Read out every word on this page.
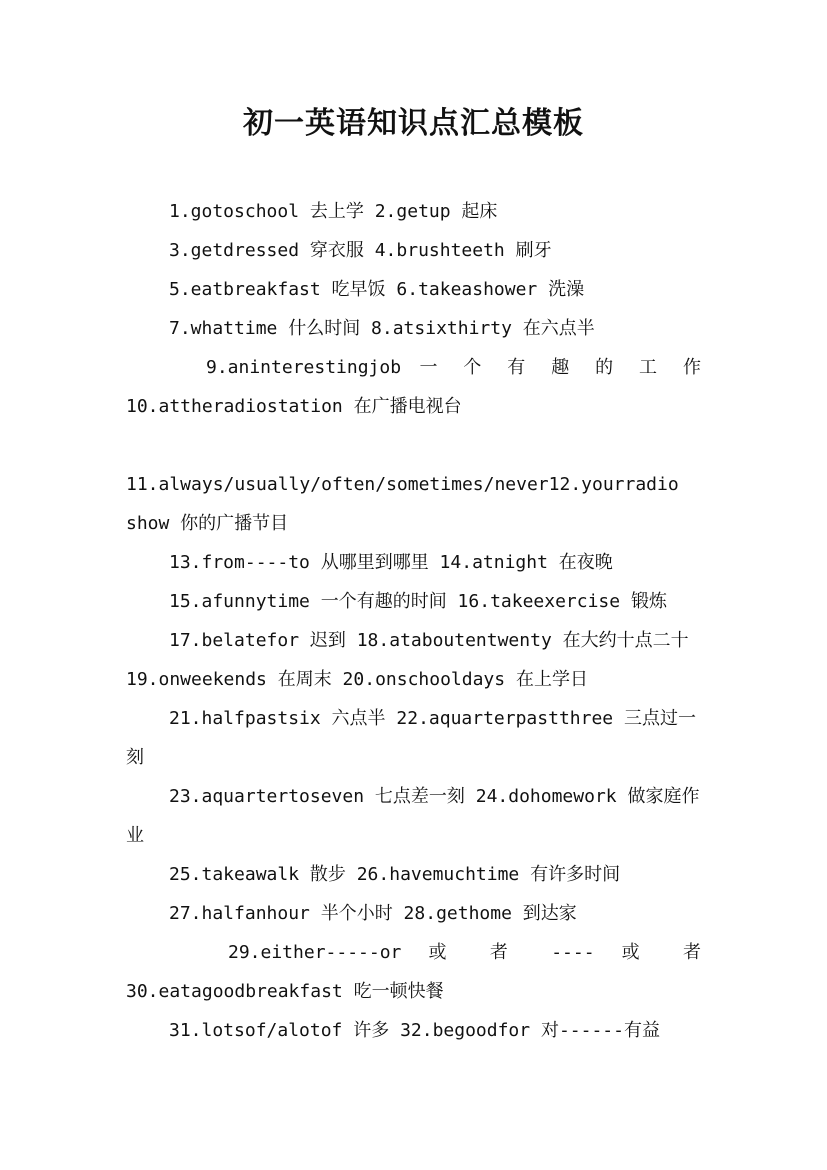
初一英语知识点汇总模板

1.gotoschool 去上学 2.getup 起床

3.getdressed 穿衣服 4.brushteeth 刷牙

5.eatbreakfast 吃早饭 6.takeashower 洗澡

7.whattime 什么时间 8.atsixthirty 在六点半

9.aninterestingjob 一 个 有 趣 的 工 作 10.attheradiostation 在广播电视台

11.always/usually/often/sometimes/never12.yourradio show 你的广播节目

13.from----to 从哪里到哪里 14.atnight 在夜晚

15.afunnytime 一个有趣的时间 16.takeexercise 锻炼

17.belatefor 迟到 18.ataboutentwenty 在大约十点二十 19.onweekends 在周末 20.onschooldays 在上学日

21.halfpastsix 六点半 22.aquarterpastthree 三点过一刻

23.aquartertoseven 七点差一刻 24.dohomework 做家庭作业

25.takeawalk 散步 26.havemuchtime 有许多时间

27.halfanhour 半个小时 28.gethome 到达家

29.either-----or 或 者 ---- 或 者 30.eatagoodbreakfast 吃一顿快餐

31.lotsof/alotof 许多 32.begoodfor 对------有益
